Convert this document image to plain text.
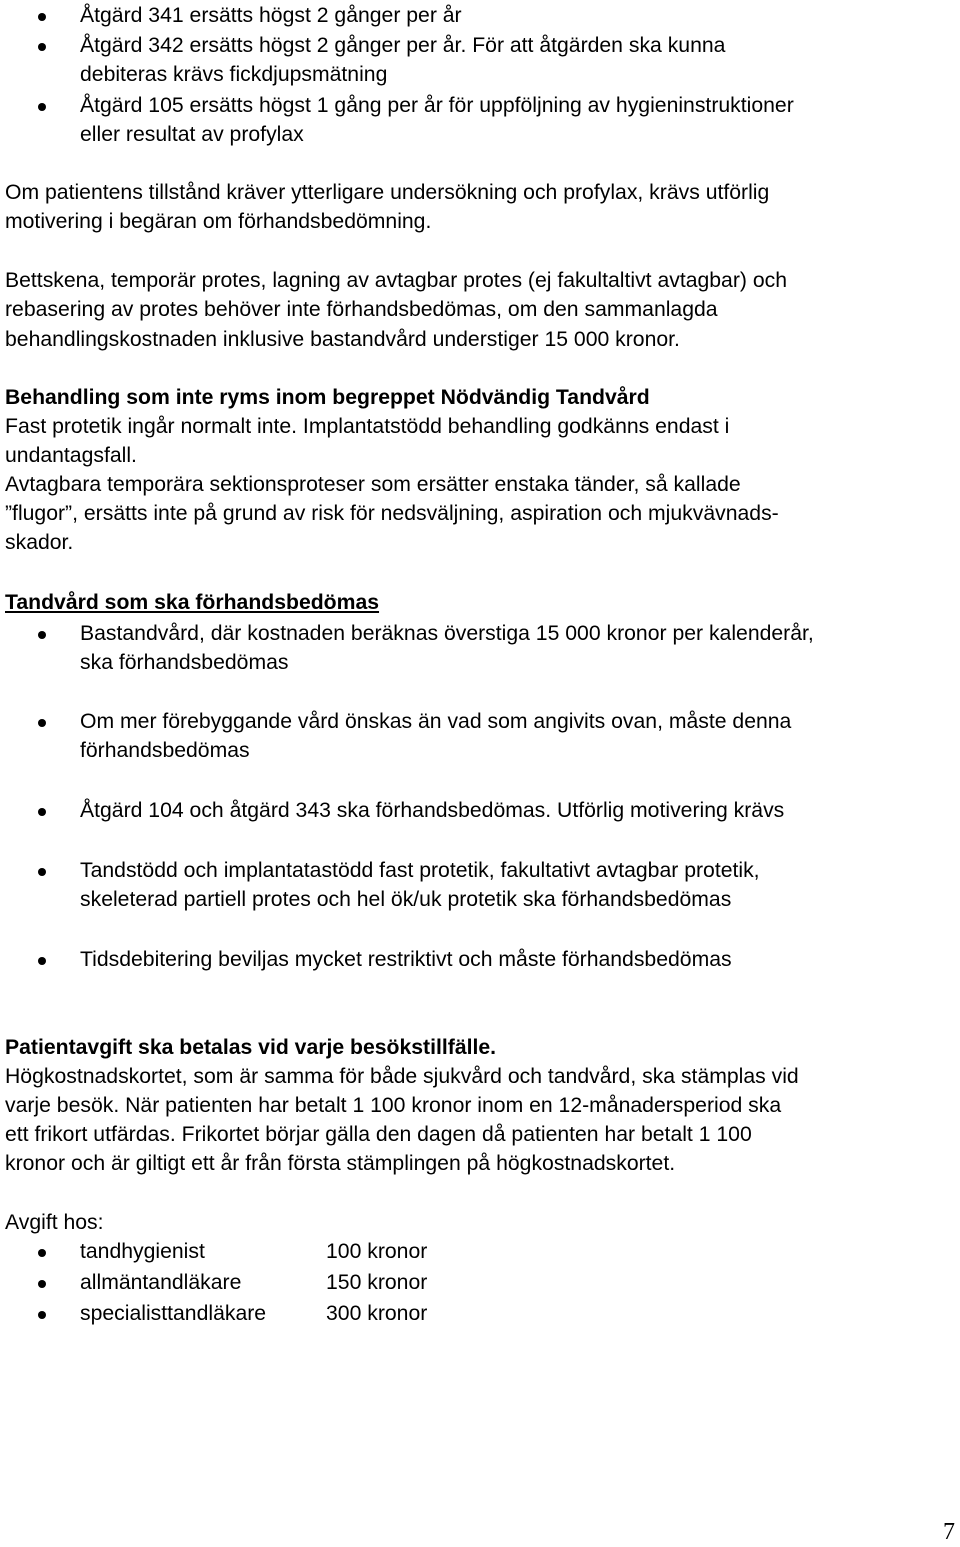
Åtgärd 341 ersätts högst 2 gånger per år

Åtgärd 342 ersätts högst 2 gånger per år. För att åtgärden ska kunna

debiteras krävs fickdjupsmätning

Åtgärd 105 ersätts högst 1 gång per år för uppföljning av hygieninstruktioner

eller resultat av profylax

Om patientens tillstånd kräver ytterligare undersökning och profylax, krävs utförlig

motivering i begäran om förhandsbedömning.

Bettskena, temporär protes, lagning av avtagbar protes (ej fakultaltivt avtagbar) och

rebasering av protes behöver inte förhandsbedömas, om den sammanlagda

behandlingskostnaden inklusive bastandvård understiger 15 000 kronor.

Behandling som inte ryms inom begreppet Nödvändig Tandvård

Fast protetik ingår normalt inte. Implantatstödd behandling godkänns endast i

undantagsfall.

Avtagbara temporära sektionsproteser som ersätter enstaka tänder, så kallade

”flugor”, ersätts inte på grund av risk för nedsväljning, aspiration och mjukvävnads-

skador.

Tandvård som ska förhandsbedömas

Bastandvård, där kostnaden beräknas överstiga 15 000 kronor per kalenderår,

ska förhandsbedömas

Om mer förebyggande vård önskas än vad som angivits ovan, måste denna

förhandsbedömas

Åtgärd 104 och åtgärd 343 ska förhandsbedömas. Utförlig motivering krävs

Tandstödd och implantatastödd fast protetik, fakultativt avtagbar protetik,

skeleterad partiell protes och hel ök/uk protetik ska förhandsbedömas

Tidsdebitering beviljas mycket restriktivt och måste förhandsbedömas

Patientavgift ska betalas vid varje besökstillfälle.

Högkostnadskortet, som är samma för både sjukvård och tandvård, ska stämplas vid

varje besök. När patienten har betalt 1 100 kronor inom en 12-månadersperiod ska

ett frikort utfärdas. Frikortet börjar gälla den dagen då patienten har betalt 1 100

kronor och är giltigt ett år från första stämplingen på högkostnadskortet.

Avgift hos:

tandhygienist	100 kronor

allmäntandläkare	150 kronor

specialisttandläkare	300 kronor
7
